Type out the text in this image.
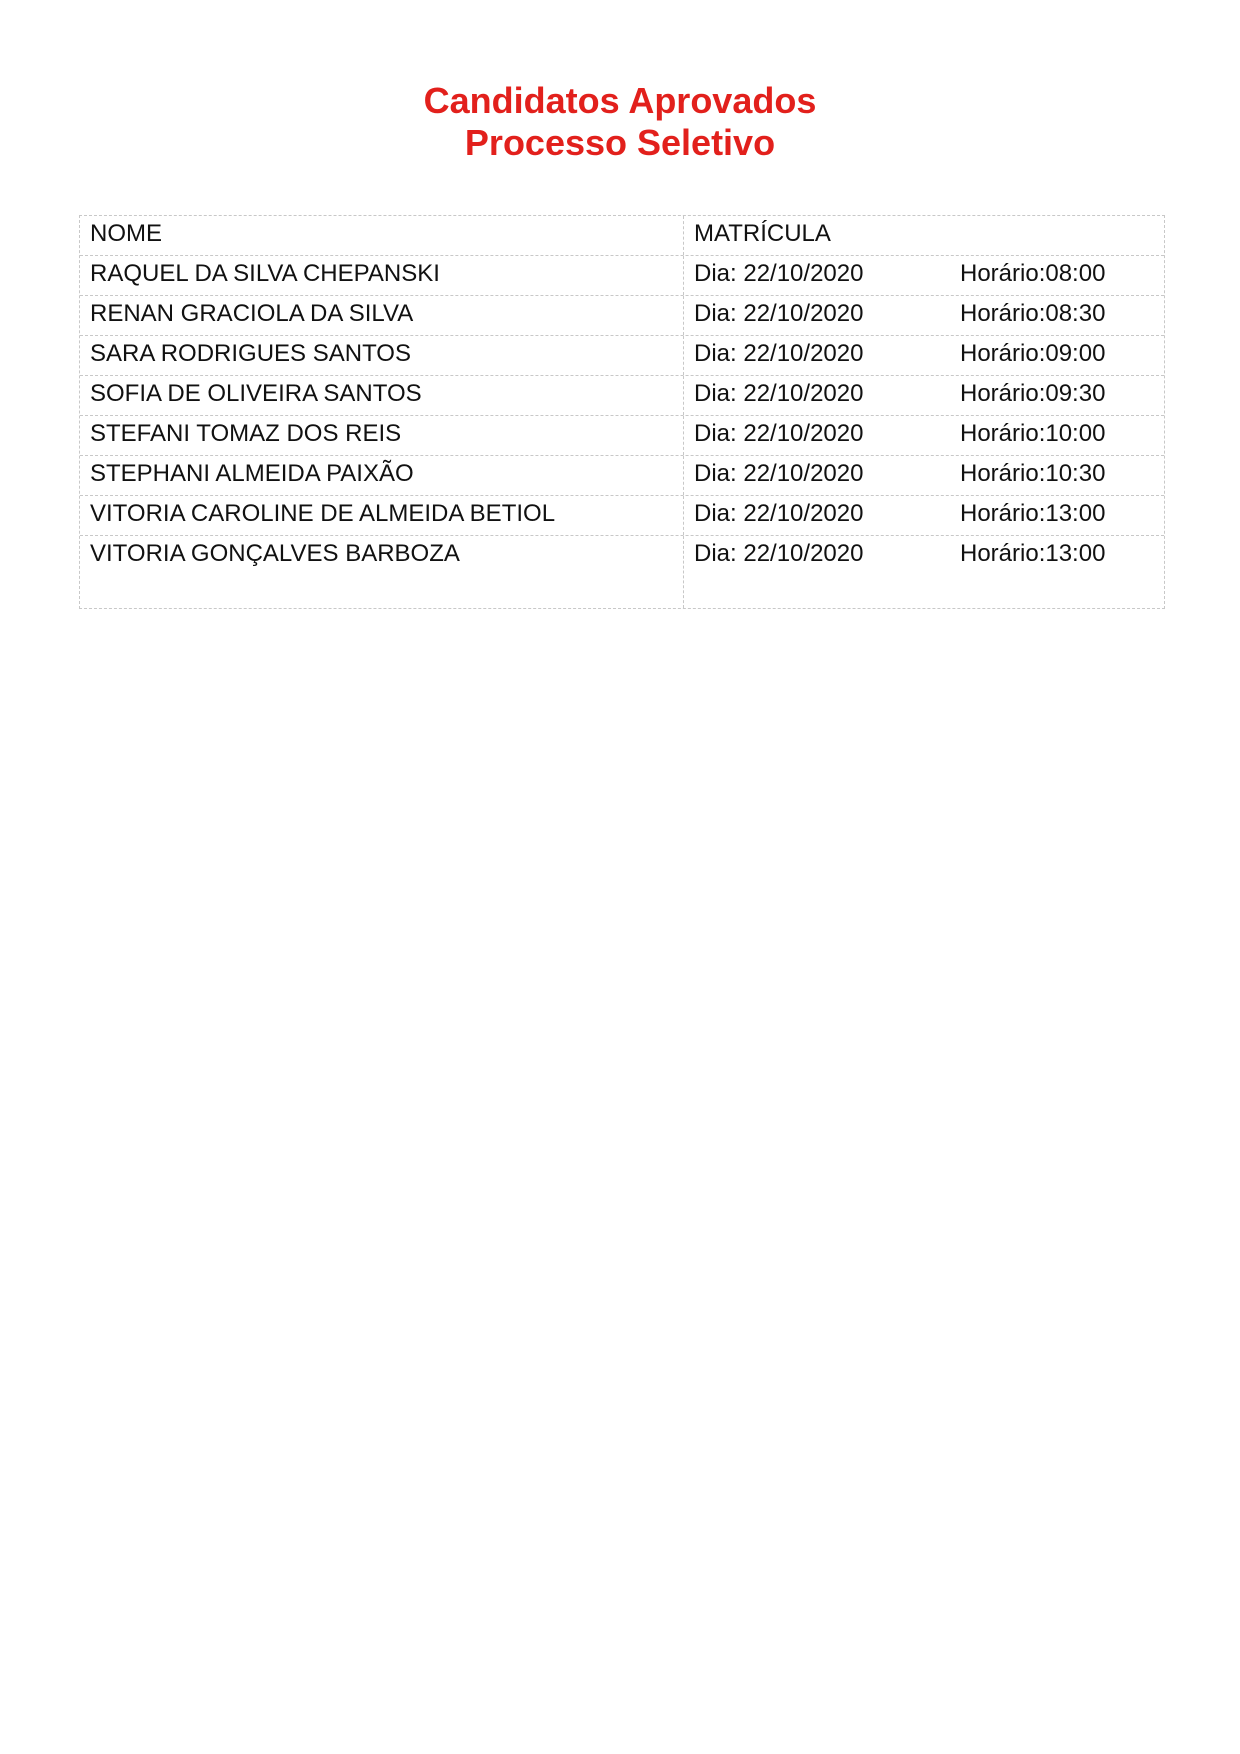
Candidatos Aprovados
Processo Seletivo
NOME	MATRÍCULA
RAQUEL DA SILVA CHEPANSKI	Dia: 22/10/2020	Horário:08:00
RENAN GRACIOLA DA SILVA	Dia: 22/10/2020	Horário:08:30
SARA RODRIGUES SANTOS	Dia: 22/10/2020	Horário:09:00
SOFIA DE OLIVEIRA SANTOS	Dia: 22/10/2020	Horário:09:30
STEFANI TOMAZ DOS REIS	Dia: 22/10/2020	Horário:10:00
STEPHANI ALMEIDA PAIXÃO	Dia: 22/10/2020	Horário:10:30
VITORIA CAROLINE DE ALMEIDA BETIOL	Dia: 22/10/2020	Horário:13:00
VITORIA GONÇALVES BARBOZA	Dia: 22/10/2020	Horário:13:00
